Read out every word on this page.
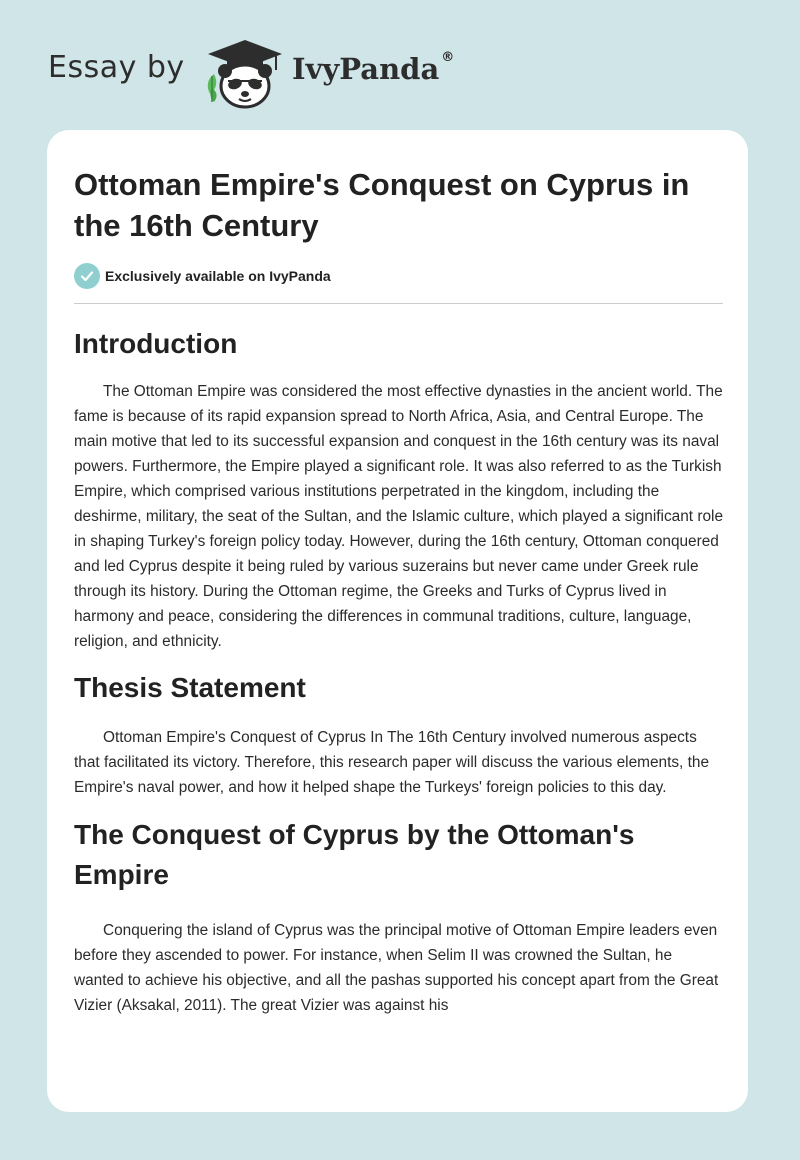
Essay by	IvyPanda ®
Ottoman Empire's Conquest on Cyprus in the 16th Century
Exclusively available on IvyPanda
Introduction

The Ottoman Empire was considered the most effective dynasties in the ancient world. The fame is because of its rapid expansion spread to North Africa, Asia, and Central Europe. The main motive that led to its successful expansion and conquest in the 16th century was its naval powers. Furthermore, the Empire played a significant role. It was also referred to as the Turkish Empire, which comprised various institutions perpetrated in the kingdom, including the deshirme, military, the seat of the Sultan, and the Islamic culture, which played a significant role in shaping Turkey's foreign policy today. However, during the 16th century, Ottoman conquered and led Cyprus despite it being ruled by various suzerains but never came under Greek rule through its history. During the Ottoman regime, the Greeks and Turks of Cyprus lived in harmony and peace, considering the differences in communal traditions, culture, language, religion, and ethnicity.

Thesis Statement

Ottoman Empire's Conquest of Cyprus In The 16th Century involved numerous aspects that facilitated its victory. Therefore, this research paper will discuss the various elements, the Empire's naval power, and how it helped shape the Turkeys' foreign policies to this day.

The Conquest of Cyprus by the Ottoman's Empire

Conquering the island of Cyprus was the principal motive of Ottoman Empire leaders even before they ascended to power. For instance, when Selim II was crowned the Sultan, he wanted to achieve his objective, and all the pashas supported his concept apart from the Great Vizier (Aksakal, 2011). The great Vizier was against his
